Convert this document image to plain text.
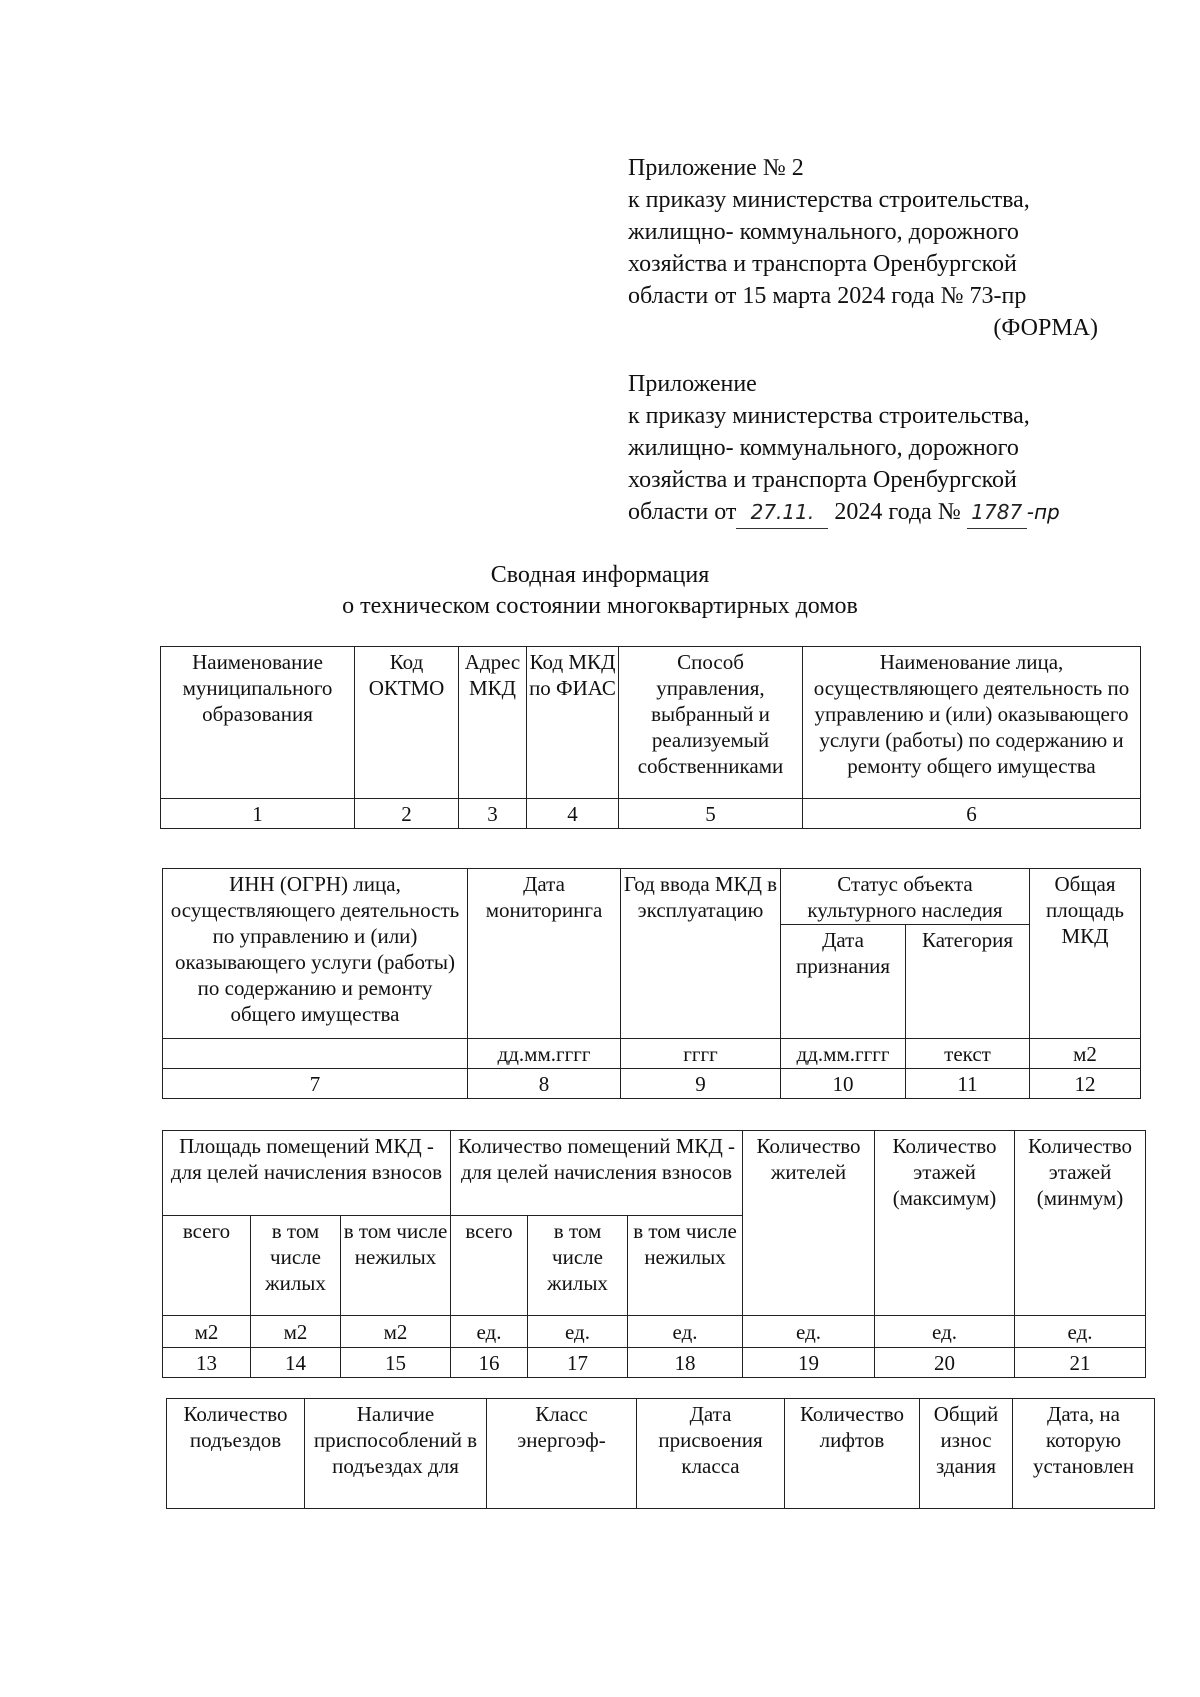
Приложение № 2

к приказу министерства строительства,

жилищно- коммунального, дорожного

хозяйства и транспорта Оренбургской

области от 15 марта 2024 года № 73-пр

(ФОРМА)

Приложение

к приказу министерства строительства,

жилищно- коммунального, дорожного

хозяйства и транспорта Оренбургской

области от 27.11. 2024 года № 1787 -пр

Сводная информация

о техническом состоянии многоквартирных домов

Наименование муниципального образования	Код ОКТМО	Адрес МКД	Код МКД по ФИАС	Способ управления, выбранный и реализуемый собственниками	Наименование лица, осуществляющего деятельность по управлению и (или) оказывающего услуги (работы) по содержанию и ремонту общего имущества
1	2	3	4	5	6
ИНН (ОГРН) лица, осуществляющего деятельность по управлению и (или) оказывающего услуги (работы) по содержанию и ремонту общего имущества	Дата мониторинга	Год ввода МКД в эксплуатацию	Статус объекта культурного наследия		Общая площадь МКД
			Дата признания	Категория	
	дд.мм.гггг	гггг	дд.мм.гггг	текст	м2
7	8	9	10	11	12
Площадь помещений МКД - для целей начисления взносов			Количество помещений МКД - для целей начисления взносов			Количество жителей	Количество этажей (максимум)	Количество этажей (минмум)
всего	в том числе жилых	в том числе нежилых	всего	в том числе жилых	в том числе нежилых			
м2	м2	м2	ед.	ед.	ед.	ед.	ед.	ед.
13	14	15	16	17	18	19	20	21
Количество подъездов	Наличие приспособлений в подъездах для	Класс энергоэф-	Дата присвоения класса	Количество лифтов	Общий износ здания	Дата, на которую установлен
